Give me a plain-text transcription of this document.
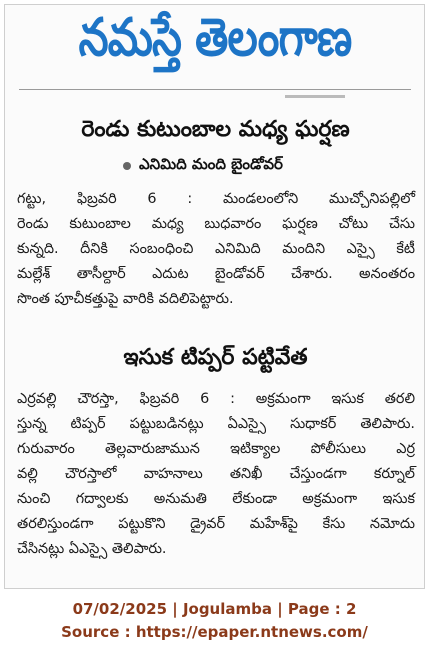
నమస్తే తెలంగాణ
రెండు కుటుంబాల మధ్య ఘర్షణ
ఎనిమిది మంది బైండోవర్
గట్టు, ఫిబ్రవరి 6 : మండలంలోని ముచ్చోనిపల్లిలో
రెండు కుటుంబాల మధ్య బుధవారం ఘర్షణ చోటు చేసు
కున్నది. దీనికి సంబంధించి ఎనిమిది మందిని ఎస్సై కేటీ
మల్లేశ్ తాసీల్దార్ ఎదుట బైండోవర్ చేశారు. అనంతరం
సొంత పూచీకత్తుపై వారికి వదిలిపెట్టారు.
ఇసుక టిప్పర్ పట్టివేత
ఎర్రవల్లి చౌరస్తా, ఫిబ్రవరి 6 : అక్రమంగా ఇసుక తరలి
స్తున్న టిప్పర్ పట్టుబడినట్లు ఏఎస్సై సుధాకర్ తెలిపారు.
గురువారం తెల్లవారుజామున ఇటిక్యాల పోలీసులు ఎర్ర
వల్లి చౌరస్తాలో వాహనాలు తనిఖీ చేస్తుండగా కర్నూల్
నుంచి గద్వాలకు అనుమతి లేకుండా అక్రమంగా ఇసుక
తరలిస్తుండగా పట్టుకొని డ్రైవర్ మహేశ్‌పై కేసు నమోదు
చేసినట్లు ఏఎస్సై తెలిపారు.
07/02/2025 | Jogulamba | Page : 2
Source : https://epaper.ntnews.com/
